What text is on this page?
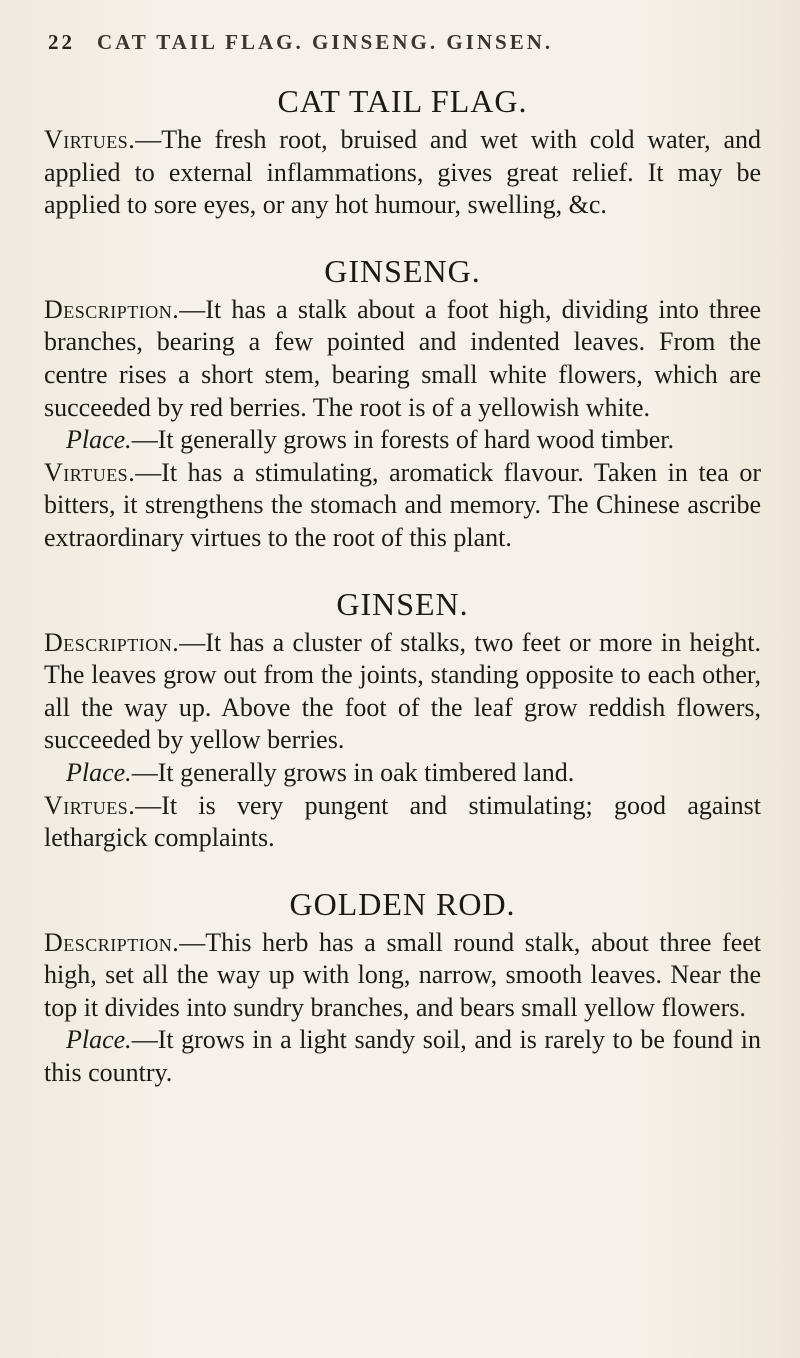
22 CAT TAIL FLAG. GINSENG. GINSEN.
CAT TAIL FLAG.

Virtues.—The fresh root, bruised and wet with cold water, and applied to external inflammations, gives great relief. It may be applied to sore eyes, or any hot humour, swelling, &c.

GINSENG.

Description.—It has a stalk about a foot high, dividing into three branches, bearing a few pointed and indented leaves. From the centre rises a short stem, bearing small white flowers, which are succeeded by red berries. The root is of a yellowish white.

Place.—It generally grows in forests of hard wood timber.

Virtues.—It has a stimulating, aromatick flavour. Taken in tea or bitters, it strengthens the stomach and memory. The Chinese ascribe extraordinary virtues to the root of this plant.

GINSEN.

Description.—It has a cluster of stalks, two feet or more in height. The leaves grow out from the joints, standing opposite to each other, all the way up. Above the foot of the leaf grow reddish flowers, succeeded by yellow berries.

Place.—It generally grows in oak timbered land.

Virtues.—It is very pungent and stimulating; good against lethargick complaints.

GOLDEN ROD.

Description.—This herb has a small round stalk, about three feet high, set all the way up with long, narrow, smooth leaves. Near the top it divides into sundry branches, and bears small yellow flowers.

Place.—It grows in a light sandy soil, and is rarely to be found in this country.
